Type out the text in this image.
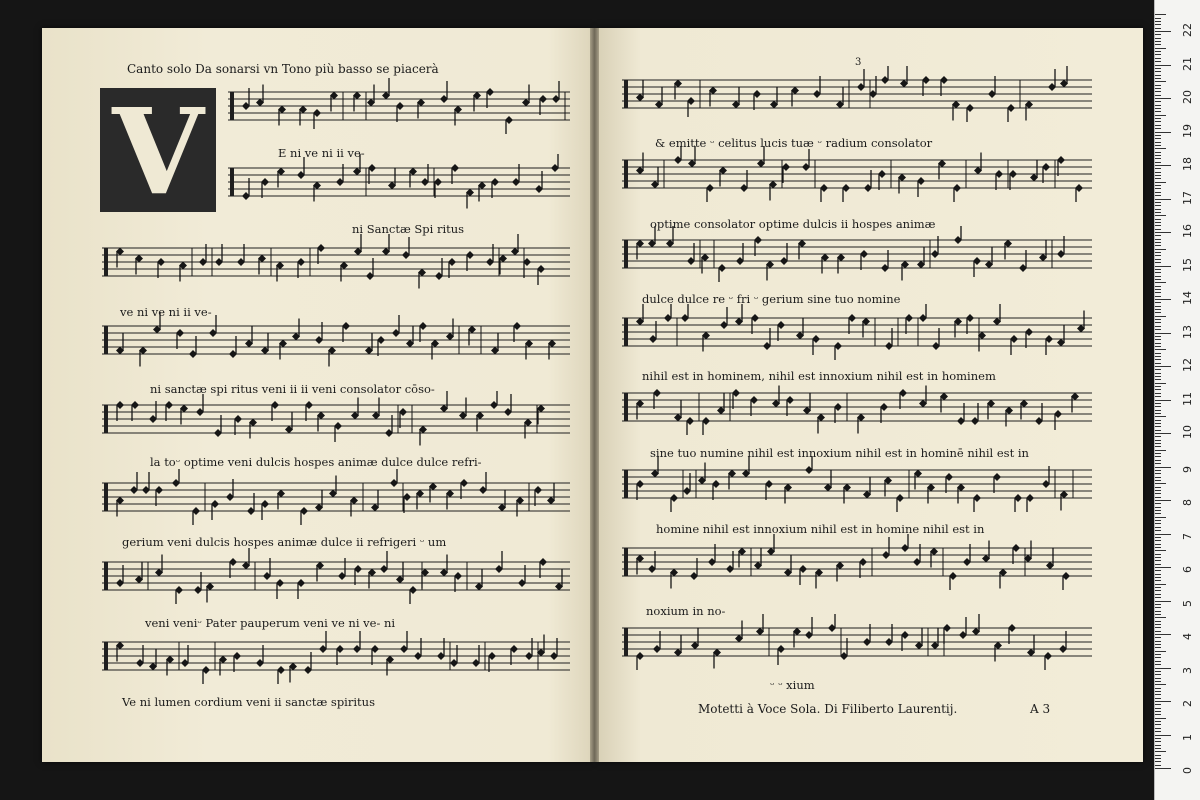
Canto solo Da sonarsi vn Tono più basso se piacerà	3
V	E ni ve ni ii ve-
ni Sanctæ Spi ritus
ve ni ve ni ii ve-
ni sanctæ spi ritus veni ii ii veni consolator cōso-
la toᵕ optime veni dulcis hospes animæ dulce dulce refri-
gerium veni dulcis hospes animæ dulce ii refrigeri ᵕ um
veni veniᵕ Pater pauperum veni ve ni ve- ni
Ve ni lumen cordium veni ii sanctæ spiritus
& emitte ᵕ celitus lucis tuæ ᵕ radium consolator
optime consolator optime dulcis ii hospes animæ
dulce dulce re ᵕ fri ᵕ gerium sine tuo nomine
nihil est in hominem, nihil est innoxium nihil est in hominem
sine tuo numine nihil est innoxium nihil est in hominē nihil est in
homine nihil est innoxium nihil est in homine nihil est in
noxium in no-
ᵕ ᵕ xium
Motetti à Voce Sola. Di Filiberto Laurentij.	A 3
0
1
2
3
4
5
6
7
8
9
10
11
12
13
14
15
16
17
18
19
20
21
22
